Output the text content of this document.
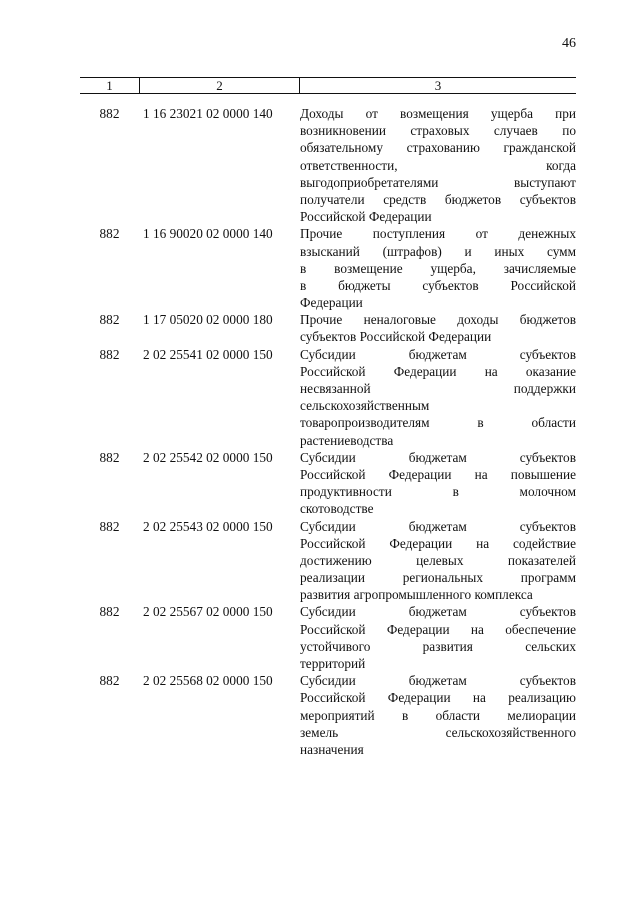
46
1	2	3
882	1 16 23021 02 0000 140	Доходы от возмещения ущерба при
возникновении страховых случаев по
обязательному страхованию гражданской
ответственности, когда
выгодоприобретателями выступают
получатели средств бюджетов субъектов
Российской Федерации
882	1 16 90020 02 0000 140	Прочие поступления от денежных
взысканий (штрафов) и иных сумм
в возмещение ущерба, зачисляемые
в бюджеты субъектов Российской
Федерации
882	1 17 05020 02 0000 180	Прочие неналоговые доходы бюджетов
субъектов Российской Федерации
882	2 02 25541 02 0000 150	Субсидии бюджетам субъектов
Российской Федерации на оказание
несвязанной поддержки
сельскохозяйственным
товаропроизводителям в области
растениеводства
882	2 02 25542 02 0000 150	Субсидии бюджетам субъектов
Российской Федерации на повышение
продуктивности в молочном
скотоводстве
882	2 02 25543 02 0000 150	Субсидии бюджетам субъектов
Российской Федерации на содействие
достижению целевых показателей
реализации региональных программ
развития агропромышленного комплекса
882	2 02 25567 02 0000 150	Субсидии бюджетам субъектов
Российской Федерации на обеспечение
устойчивого развития сельских
территорий
882	2 02 25568 02 0000 150	Субсидии бюджетам субъектов
Российской Федерации на реализацию
мероприятий в области мелиорации
земель сельскохозяйственного
назначения
